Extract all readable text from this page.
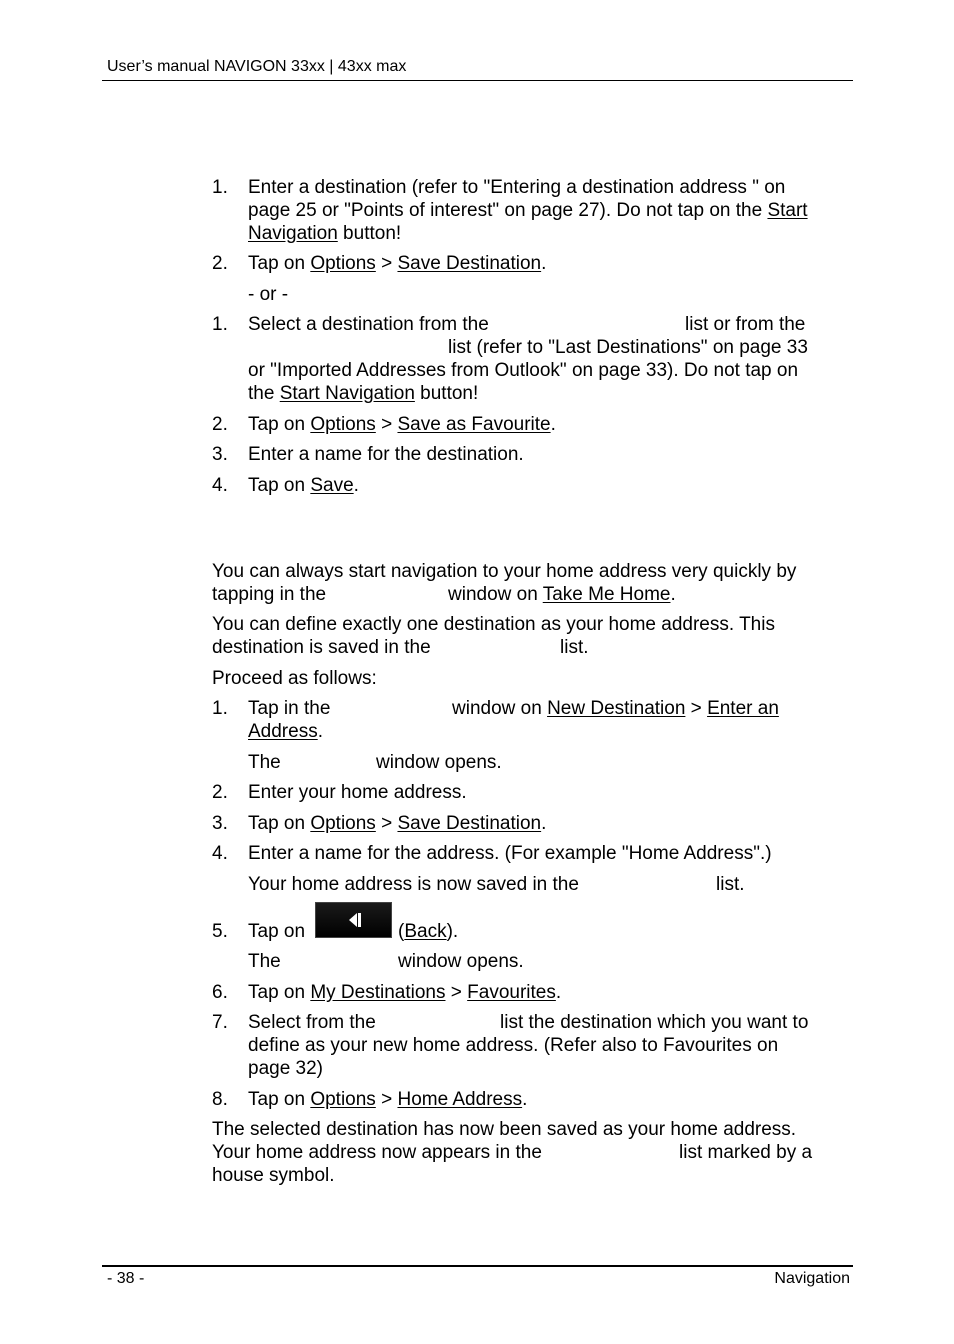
User’s manual NAVIGON 33xx | 43xx max
1. Enter a destination (refer to "Entering a destination address " on
page 25 or "Points of interest" on page 27). Do not tap on the Start
Navigation button!
2. Tap on Options > Save Destination.
- or -
1. Select a destination from the	list or from the
list (refer to "Last Destinations" on page 33
or "Imported Addresses from Outlook" on page 33). Do not tap on
the Start Navigation button!
2. Tap on Options > Save as Favourite.
3. Enter a name for the destination.
4. Tap on Save.
You can always start navigation to your home address very quickly by
tapping in the	window on Take Me Home.
You can define exactly one destination as your home address. This
destination is saved in the	list.
Proceed as follows:
1. Tap in the	window on New Destination > Enter an
Address.
The	window opens.
2. Enter your home address.
3. Tap on Options > Save Destination.
4. Enter a name for the address. (For example "Home Address".)
Your home address is now saved in the	list.
5. Tap on	(Back).
The	window opens.
6. Tap on My Destinations > Favourites.
7. Select from the	list the destination which you want to
define as your new home address. (Refer also to Favourites on
page 32)
8. Tap on Options > Home Address.
The selected destination has now been saved as your home address.
Your home address now appears in the	list marked by a
house symbol.
- 38 -	Navigation
